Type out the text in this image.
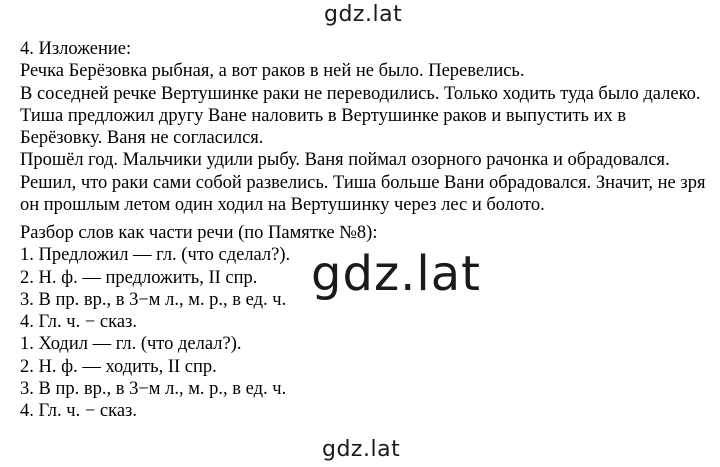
gdz.lat
4. Изложение:
Речка Берёзовка рыбная, а вот раков в ней не было. Перевелись.
В соседней речке Вертушинке раки не переводились. Только ходить туда было далеко.
Тиша предложил другу Ване наловить в Вертушинке раков и выпустить их в
Берёзовку. Ваня не согласился.
Прошёл год. Мальчики удили рыбу. Ваня поймал озорного рачонка и обрадовался.
Решил, что раки сами собой развелись. Тиша больше Вани обрадовался. Значит, не зря
он прошлым летом один ходил на Вертушинку через лес и болото.
Разбор слов как части речи (по Памятке №8):
1. Предложил — гл. (что сделал?).
2. Н. ф. — предложить, II спр.
3. В пр. вр., в 3−м л., м. р., в ед. ч.
4. Гл. ч. − сказ.
1. Ходил — гл. (что делал?).
2. Н. ф. — ходить, II спр.
3. В пр. вр., в 3−м л., м. р., в ед. ч.
4. Гл. ч. − сказ.
gdz.lat
gdz.lat
